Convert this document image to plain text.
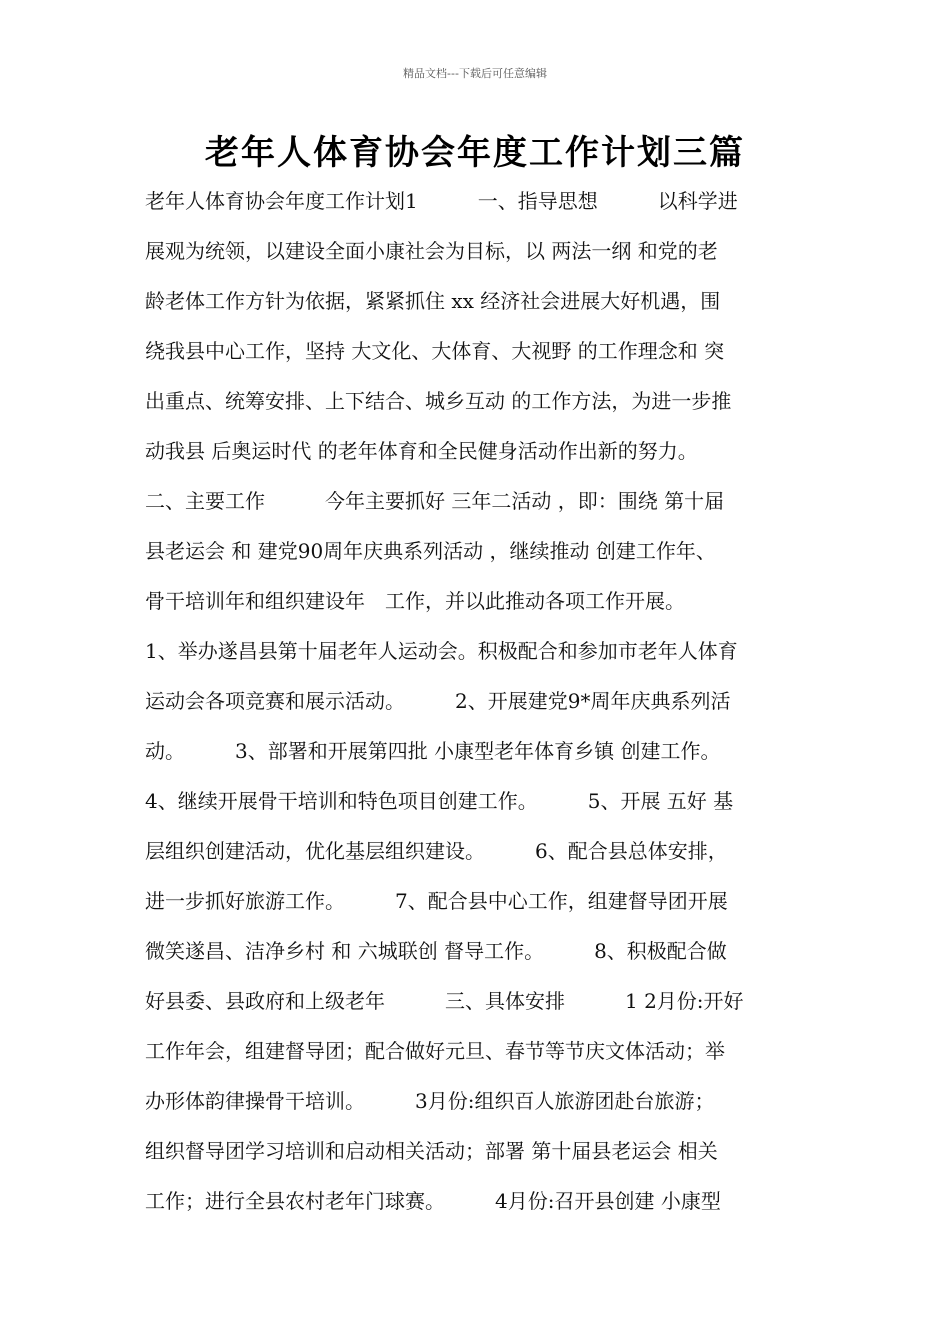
精品文档---下载后可任意编辑
老年人体育协会年度工作计划三篇
老年人体育协会年度工作计划1　　　一、指导思想　　　以科学进
展观为统领，以建设全面小康社会为目标，以 两法一纲 和党的老
龄老体工作方针为依据，紧紧抓住 xx 经济社会进展大好机遇，围
绕我县中心工作，坚持 大文化、大体育、大视野 的工作理念和 突
出重点、统筹安排、上下结合、城乡互动 的工作方法，为进一步推
动我县 后奥运时代 的老年体育和全民健身活动作出新的努力。
二、主要工作　　　今年主要抓好 三年二活动 ，即：围绕 第十届
县老运会 和 建党90周年庆典系列活动 ，继续推动 创建工作年、
骨干培训年和组织建设年　工作，并以此推动各项工作开展。
1、举办遂昌县第十届老年人运动会。积极配合和参加市老年人体育
运动会各项竞赛和展示活动。　　　2、开展建党9*周年庆典系列活
动。　　　3、部署和开展第四批 小康型老年体育乡镇 创建工作。
4、继续开展骨干培训和特色项目创建工作。　　　5、开展 五好 基
层组织创建活动，优化基层组织建设。　　　6、配合县总体安排，
进一步抓好旅游工作。　　　7、配合县中心工作，组建督导团开展
微笑遂昌、洁净乡村 和 六城联创 督导工作。　　　8、积极配合做
好县委、县政府和上级老年　　　三、具体安排　　　1 2月份:开好
工作年会，组建督导团；配合做好元旦、春节等节庆文体活动；举
办形体韵律操骨干培训。　　　3月份:组织百人旅游团赴台旅游；
组织督导团学习培训和启动相关活动；部署 第十届县老运会 相关
工作；进行全县农村老年门球赛。　　　4月份:召开县创建 小康型
